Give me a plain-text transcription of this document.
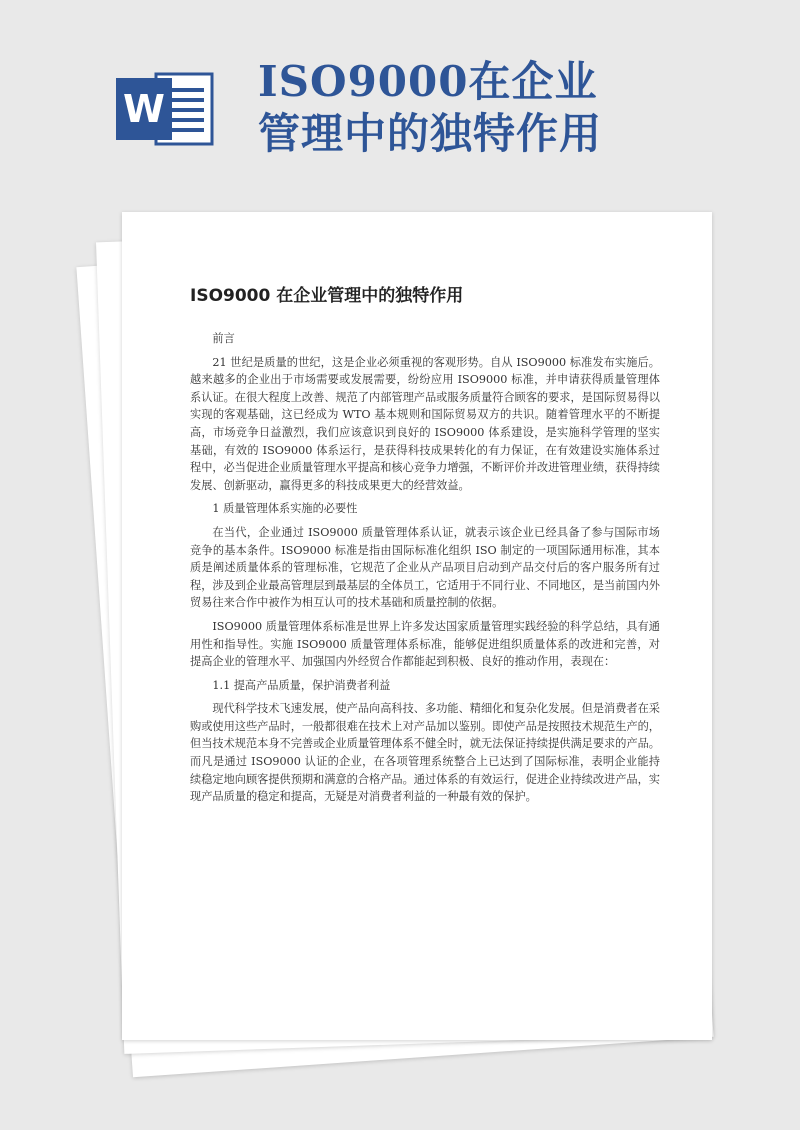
W
ISO9000在企业
管理中的独特作用
ISO9000 在企业管理中的独特作用

前言

21 世纪是质量的世纪，这是企业必须重视的客观形势。自从 ISO9000 标准发布实施后。越来越多的企业出于市场需要或发展需要，纷纷应用 ISO9000 标准，并申请获得质量管理体系认证。在很大程度上改善、规范了内部管理产品或服务质量符合顾客的要求，是国际贸易得以实现的客观基础，这已经成为 WTO 基本规则和国际贸易双方的共识。随着管理水平的不断提高，市场竞争日益激烈，我们应该意识到良好的 ISO9000 体系建设，是实施科学管理的坚实基础，有效的 ISO9000 体系运行，是获得科技成果转化的有力保证，在有效建设实施体系过程中，必当促进企业质量管理水平提高和核心竞争力增强，不断评价并改进管理业绩，获得持续发展、创新驱动，赢得更多的科技成果更大的经营效益。

1 质量管理体系实施的必要性

在当代，企业通过 ISO9000 质量管理体系认证，就表示该企业已经具备了参与国际市场竞争的基本条件。ISO9000 标准是指由国际标准化组织 ISO 制定的一项国际通用标准，其本质是阐述质量体系的管理标准，它规范了企业从产品项目启动到产品交付后的客户服务所有过程，涉及到企业最高管理层到最基层的全体员工，它适用于不同行业、不同地区，是当前国内外贸易往来合作中被作为相互认可的技术基础和质量控制的依据。

ISO9000 质量管理体系标准是世界上许多发达国家质量管理实践经验的科学总结，具有通用性和指导性。实施 ISO9000 质量管理体系标准，能够促进组织质量体系的改进和完善，对提高企业的管理水平、加强国内外经贸合作都能起到积极、良好的推动作用，表现在：

1.1 提高产品质量，保护消费者利益

现代科学技术飞速发展，使产品向高科技、多功能、精细化和复杂化发展。但是消费者在采购或使用这些产品时，一般都很难在技术上对产品加以鉴别。即使产品是按照技术规范生产的，但当技术规范本身不完善或企业质量管理体系不健全时，就无法保证持续提供满足要求的产品。而凡是通过 ISO9000 认证的企业，在各项管理系统整合上已达到了国际标准，表明企业能持续稳定地向顾客提供预期和满意的合格产品。通过体系的有效运行，促进企业持续改进产品，实现产品质量的稳定和提高，无疑是对消费者利益的一种最有效的保护。
